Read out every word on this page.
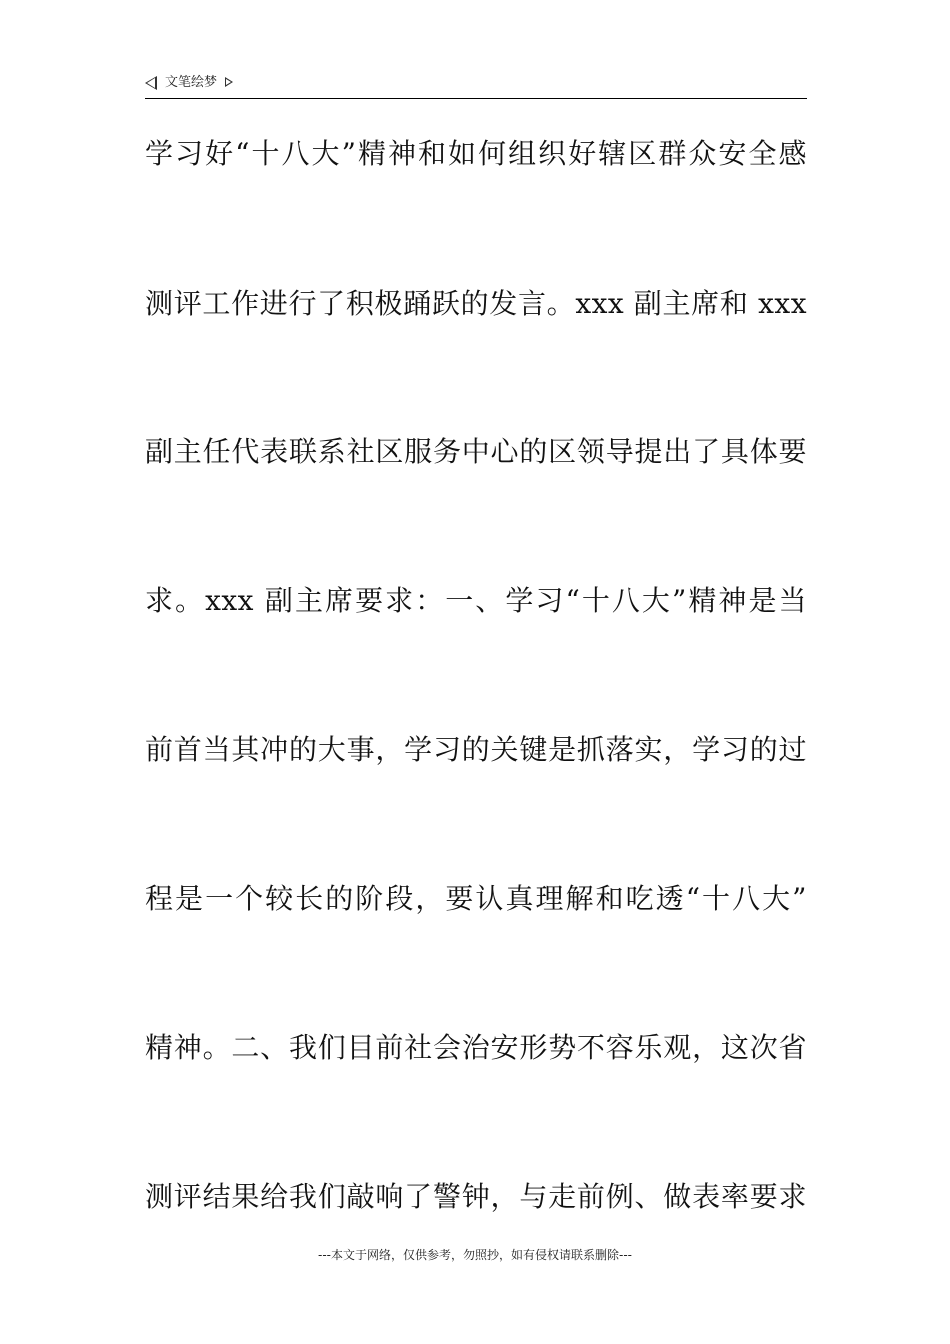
文笔绘梦
学习好“十八大”精神和如何组织好辖区群众安全感
测评工作进行了积极踊跃的发言。xxx 副主席和 xxx
副主任代表联系社区服务中心的区领导提出了具体要
求。xxx 副主席要求：一、学习“十八大”精神是当
前首当其冲的大事，学习的关键是抓落实，学习的过
程是一个较长的阶段，要认真理解和吃透“十八大”
精神。二、我们目前社会治安形势不容乐观，这次省
测评结果给我们敲响了警钟，与走前例、做表率要求
---本文于网络，仅供参考，勿照抄，如有侵权请联系删除---
